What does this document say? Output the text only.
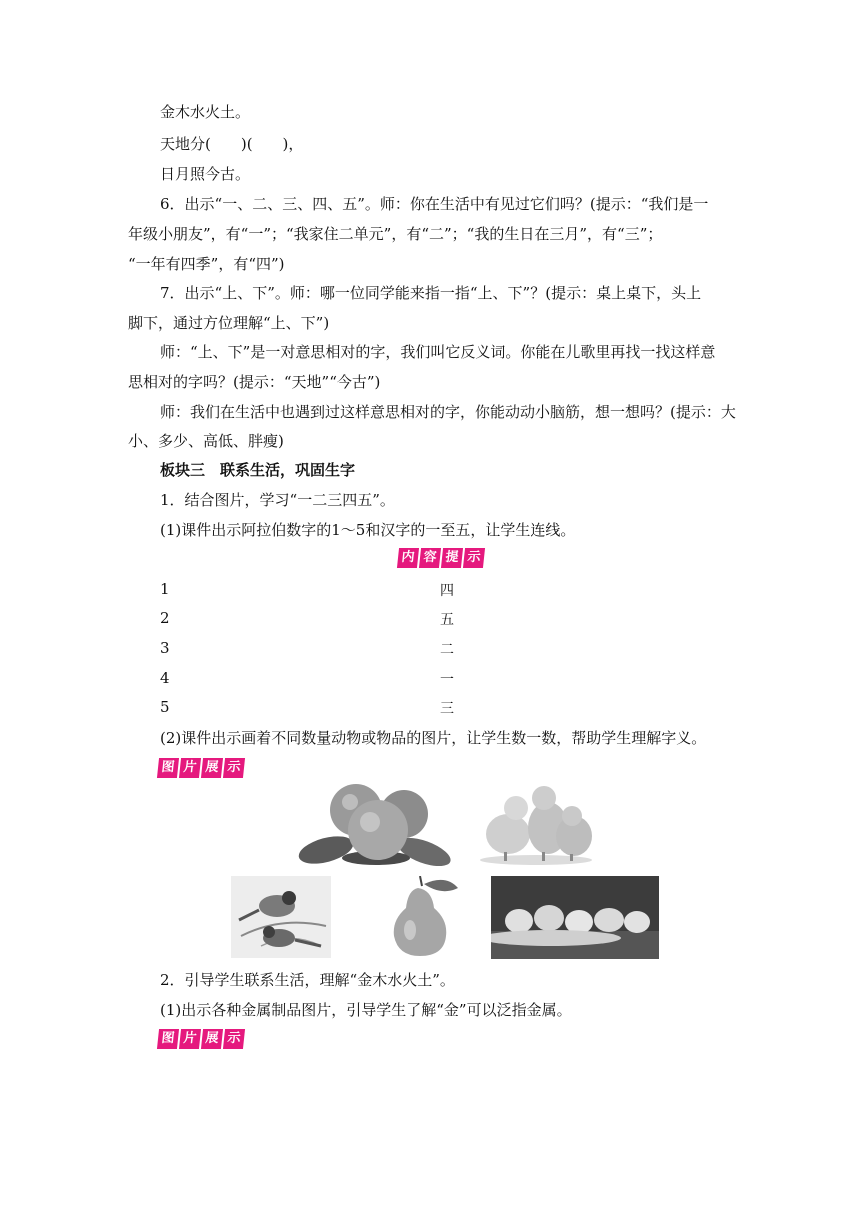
金木水火土。
天地分(　　)(　　)，
日月照今古。
6．出示“一、二、三、四、五”。师：你在生活中有见过它们吗？(提示：“我们是一
年级小朋友”，有“一”；“我家住二单元”，有“二”；“我的生日在三月”，有“三”；
“一年有四季”，有“四”)
7．出示“上、下”。师：哪一位同学能来指一指“上、下”？(提示：桌上桌下，头上
脚下，通过方位理解“上、下”)
师：“上、下”是一对意思相对的字，我们叫它反义词。你能在儿歌里再找一找这样意
思相对的字吗？(提示：“天地”“今古”)
师：我们在生活中也遇到过这样意思相对的字，你能动动小脑筋，想一想吗？(提示：大
小、多少、高低、胖瘦)
板块三　联系生活，巩固生字
1．结合图片，学习“一二三四五”。
(1)课件出示阿拉伯数字的1～5和汉字的一至五，让学生连线。
内 容 提 示
1
2
3
4
5
四
五
二
一
三
(2)课件出示画着不同数量动物或物品的图片，让学生数一数，帮助学生理解字义。
图 片 展 示
2．引导学生联系生活，理解“金木水火土”。
(1)出示各种金属制品图片，引导学生了解“金”可以泛指金属。
图 片 展 示
